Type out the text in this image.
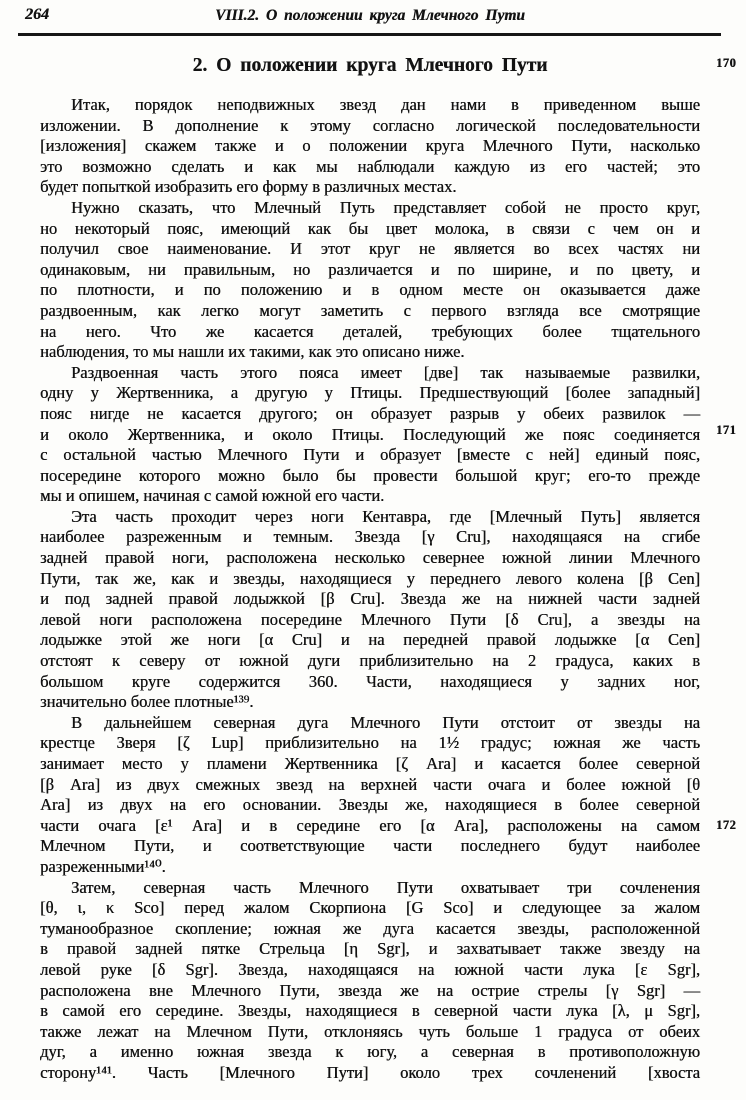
264	VIII.2. О положении круга Млечного Пути
2. О положении круга Млечного Пути	170
171
172
Итак, порядок неподвижных звезд дан нами в приведенном выше
изложении. В дополнение к этому согласно логической последовательности
[изложения] скажем также и о положении круга Млечного Пути, насколько
это возможно сделать и как мы наблюдали каждую из его частей; это
будет попыткой изобразить его форму в различных местах.
Нужно сказать, что Млечный Путь представляет собой не просто круг,
но некоторый пояс, имеющий как бы цвет молока, в связи с чем он и
получил свое наименование. И этот круг не является во всех частях ни
одинаковым, ни правильным, но различается и по ширине, и по цвету, и
по плотности, и по положению и в одном месте он оказывается даже
раздвоенным, как легко могут заметить с первого взгляда все смотрящие
на него. Что же касается деталей, требующих более тщательного
наблюдения, то мы нашли их такими, как это описано ниже.
Раздвоенная часть этого пояса имеет [две] так называемые развилки,
одну у Жертвенника, а другую у Птицы. Предшествующий [более западный]
пояс нигде не касается другого; он образует разрыв у обеих развилок —
и около Жертвенника, и около Птицы. Последующий же пояс соединяется
с остальной частью Млечного Пути и образует [вместе с ней] единый пояс,
посередине которого можно было бы провести большой круг; его-то прежде
мы и опишем, начиная с самой южной его части.
Эта часть проходит через ноги Кентавра, где [Млечный Путь] является
наиболее разреженным и темным. Звезда [γ Cru], находящаяся на сгибе
задней правой ноги, расположена несколько севернее южной линии Млечного
Пути, так же, как и звезды, находящиеся у переднего левого колена [β Cen]
и под задней правой лодыжкой [β Cru]. Звезда же на нижней части задней
левой ноги расположена посередине Млечного Пути [δ Cru], а звезды на
лодыжке этой же ноги [α Cru] и на передней правой лодыжке [α Cen]
отстоят к северу от южной дуги приблизительно на 2 градуса, каких в
большом круге содержится 360. Части, находящиеся у задних ног,
значительно более плотные¹³⁹.
В дальнейшем северная дуга Млечного Пути отстоит от звезды на
крестце Зверя [ζ Lup] приблизительно на 1½ градус; южная же часть
занимает место у пламени Жертвенника [ζ Ara] и касается более северной
[β Ara] из двух смежных звезд на верхней части очага и более южной [θ
Ara] из двух на его основании. Звезды же, находящиеся в более северной
части очага [ε¹ Ara] и в середине его [α Ara], расположены на самом
Млечном Пути, и соответствующие части последнего будут наиболее
разреженными¹⁴⁰.
Затем, северная часть Млечного Пути охватывает три сочленения
[θ, ι, κ Sco] перед жалом Скорпиона [G Sco] и следующее за жалом
туманообразное скопление; южная же дуга касается звезды, расположенной
в правой задней пятке Стрельца [η Sgr], и захватывает также звезду на
левой руке [δ Sgr]. Звезда, находящаяся на южной части лука [ε Sgr],
расположена вне Млечного Пути, звезда же на острие стрелы [γ Sgr] —
в самой его середине. Звезды, находящиеся в северной части лука [λ, μ Sgr],
также лежат на Млечном Пути, отклоняясь чуть больше 1 градуса от обеих
дуг, а именно южная звезда к югу, а северная в противоположную
сторону¹⁴¹. Часть [Млечного Пути] около трех сочленений [хвоста
